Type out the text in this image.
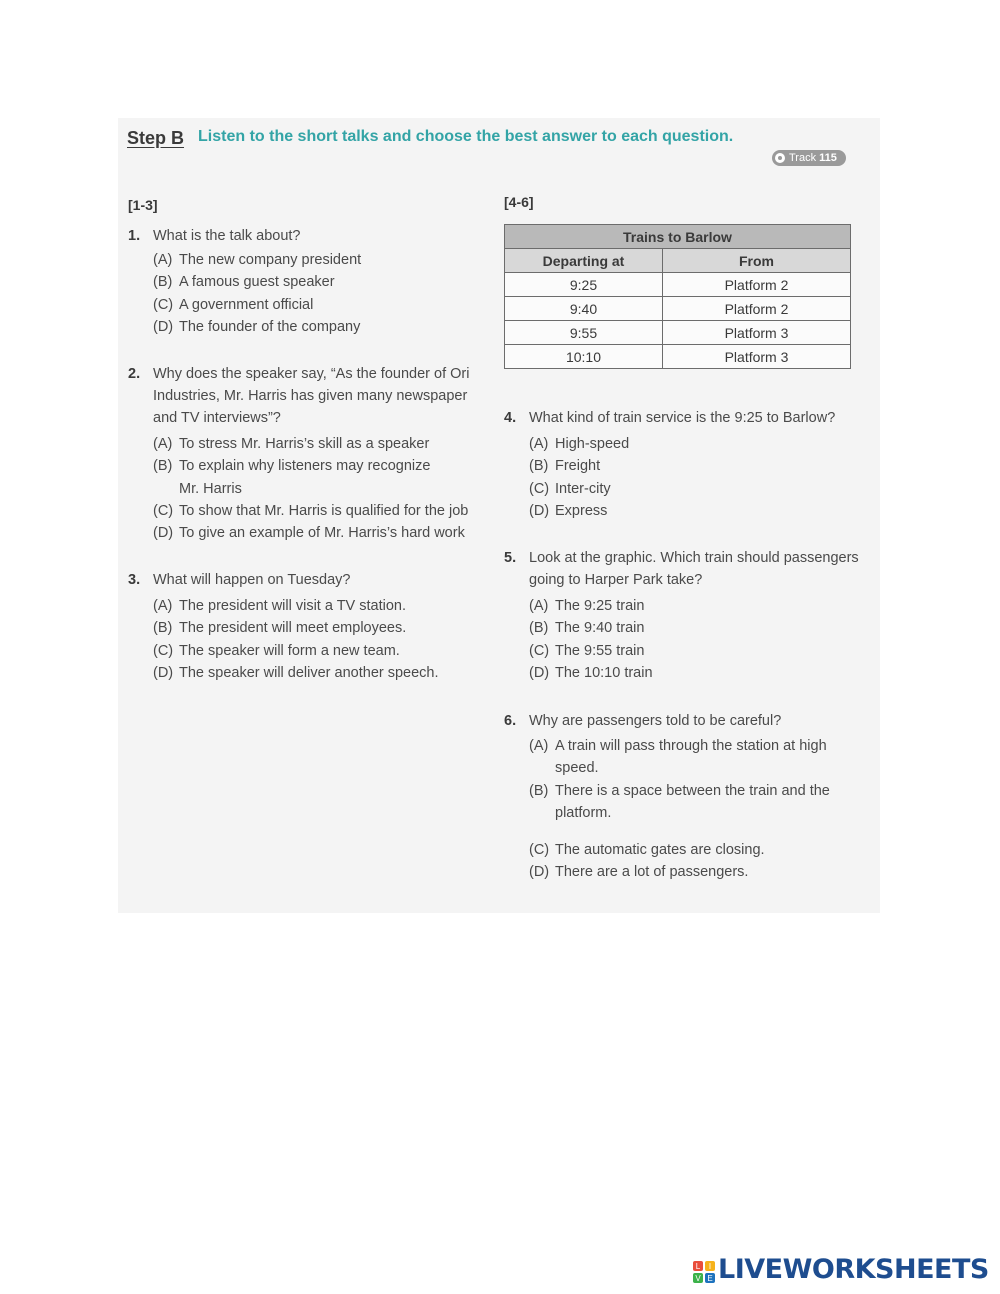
Step B Listen to the short talks and choose the best answer to each question.
Track 115
[1-3]	[4-6]
1. What is the talk about?
(A) The new company president
(B) A famous guest speaker
(C) A government official
(D) The founder of the company
2. Why does the speaker say, “As the founder of Ori
Industries, Mr. Harris has given many newspaper
and TV interviews”?
(A) To stress Mr. Harris’s skill as a speaker
(B) To explain why listeners may recognize
Mr. Harris
(C) To show that Mr. Harris is qualified for the job
(D) To give an example of Mr. Harris’s hard work
3. What will happen on Tuesday?
(A) The president will visit a TV station.
(B) The president will meet employees.
(C) The speaker will form a new team.
(D) The speaker will deliver another speech.
Trains to Barlow	
Departing at	From
9:25	Platform 2
9:40	Platform 2
9:55	Platform 3
10:10	Platform 3
4. What kind of train service is the 9:25 to Barlow?
(A) High-speed
(B) Freight
(C) Inter-city
(D) Express
5. Look at the graphic. Which train should passengers
going to Harper Park take?
(A) The 9:25 train
(B) The 9:40 train
(C) The 9:55 train
(D) The 10:10 train
6. Why are passengers told to be careful?
(A) A train will pass through the station at high
speed.
(B) There is a space between the train and the
platform.
(C) The automatic gates are closing.
(D) There are a lot of passengers.
L I
V E LIVEWORKSHEETS
